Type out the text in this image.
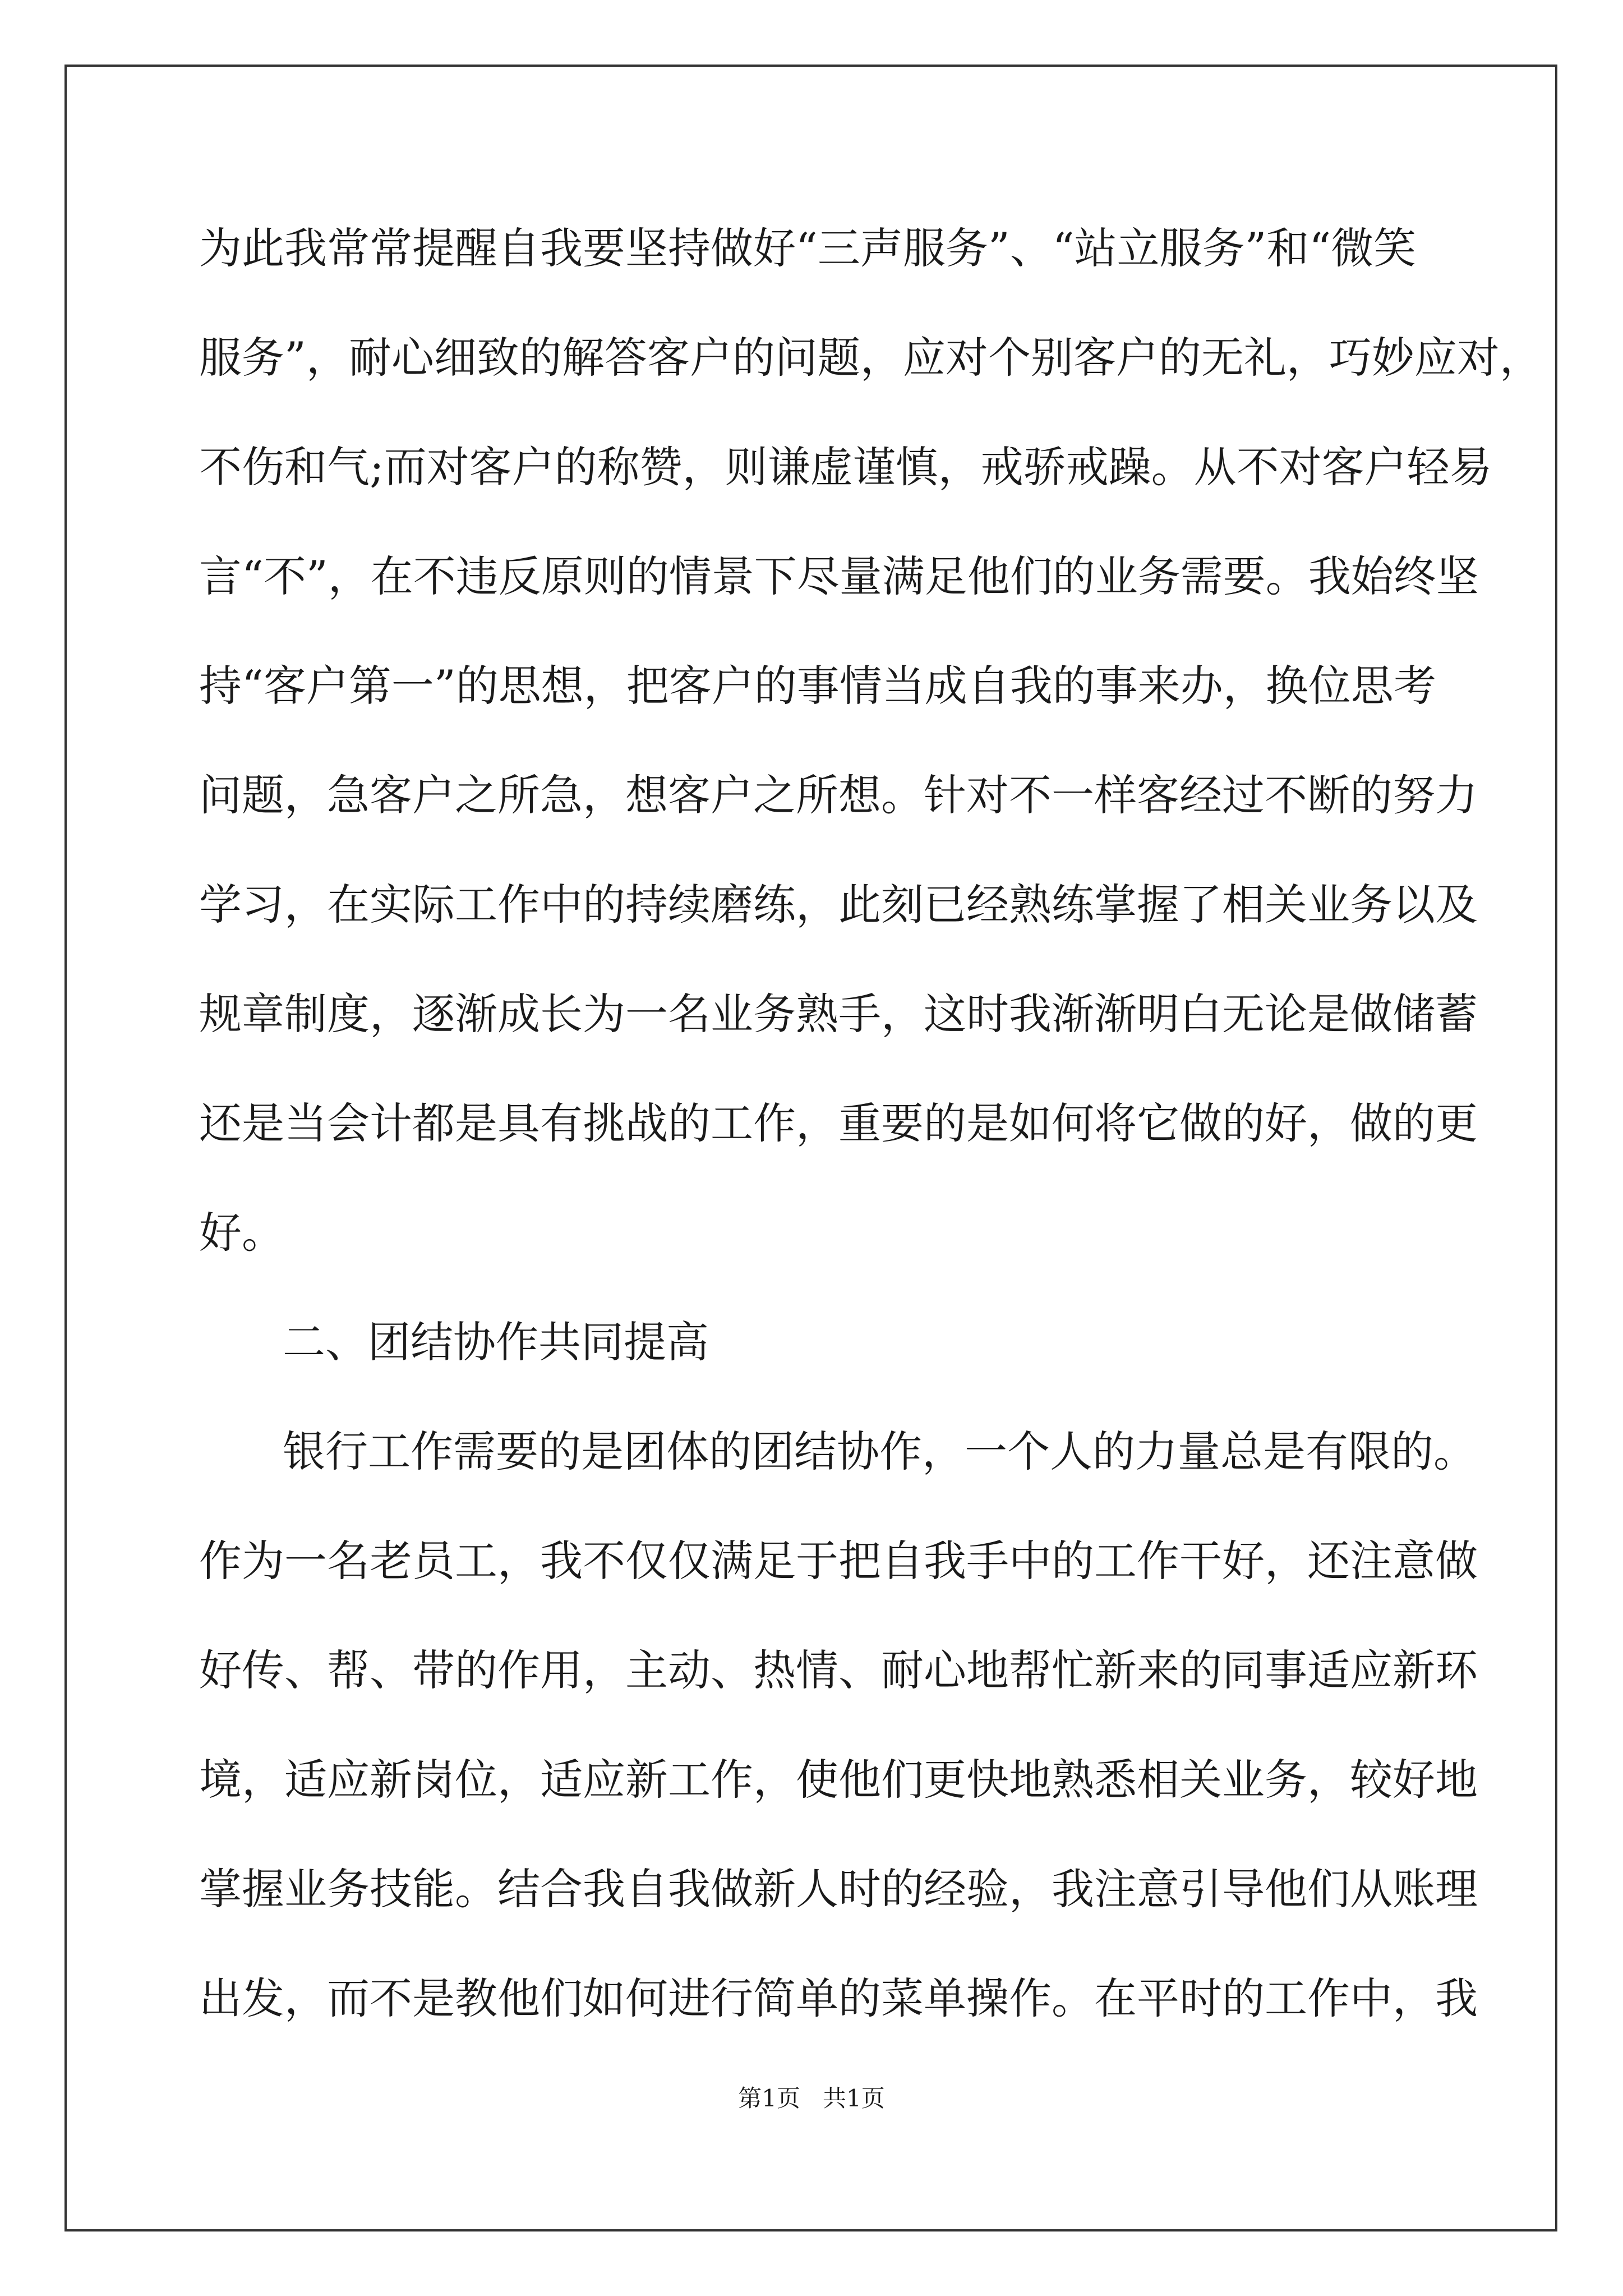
为此我常常提醒自我要坚持做好“三声服务”、“站立服务”和“微笑
服务”，耐心细致的解答客户的问题，应对个别客户的无礼，巧妙应对，
不伤和气;而对客户的称赞，则谦虚谨慎，戒骄戒躁。从不对客户轻易
言“不”，在不违反原则的情景下尽量满足他们的业务需要。我始终坚
持“客户第一”的思想，把客户的事情当成自我的事来办，换位思考
问题，急客户之所急，想客户之所想。针对不一样客经过不断的努力
学习，在实际工作中的持续磨练，此刻已经熟练掌握了相关业务以及
规章制度，逐渐成长为一名业务熟手，这时我渐渐明白无论是做储蓄
还是当会计都是具有挑战的工作，重要的是如何将它做的好，做的更
好。
二、团结协作共同提高
银行工作需要的是团体的团结协作，一个人的力量总是有限的。
作为一名老员工，我不仅仅满足于把自我手中的工作干好，还注意做
好传、帮、带的作用，主动、热情、耐心地帮忙新来的同事适应新环
境，适应新岗位，适应新工作，使他们更快地熟悉相关业务，较好地
掌握业务技能。结合我自我做新人时的经验，我注意引导他们从账理
出发，而不是教他们如何进行简单的菜单操作。在平时的工作中，我
第1页   共1页
